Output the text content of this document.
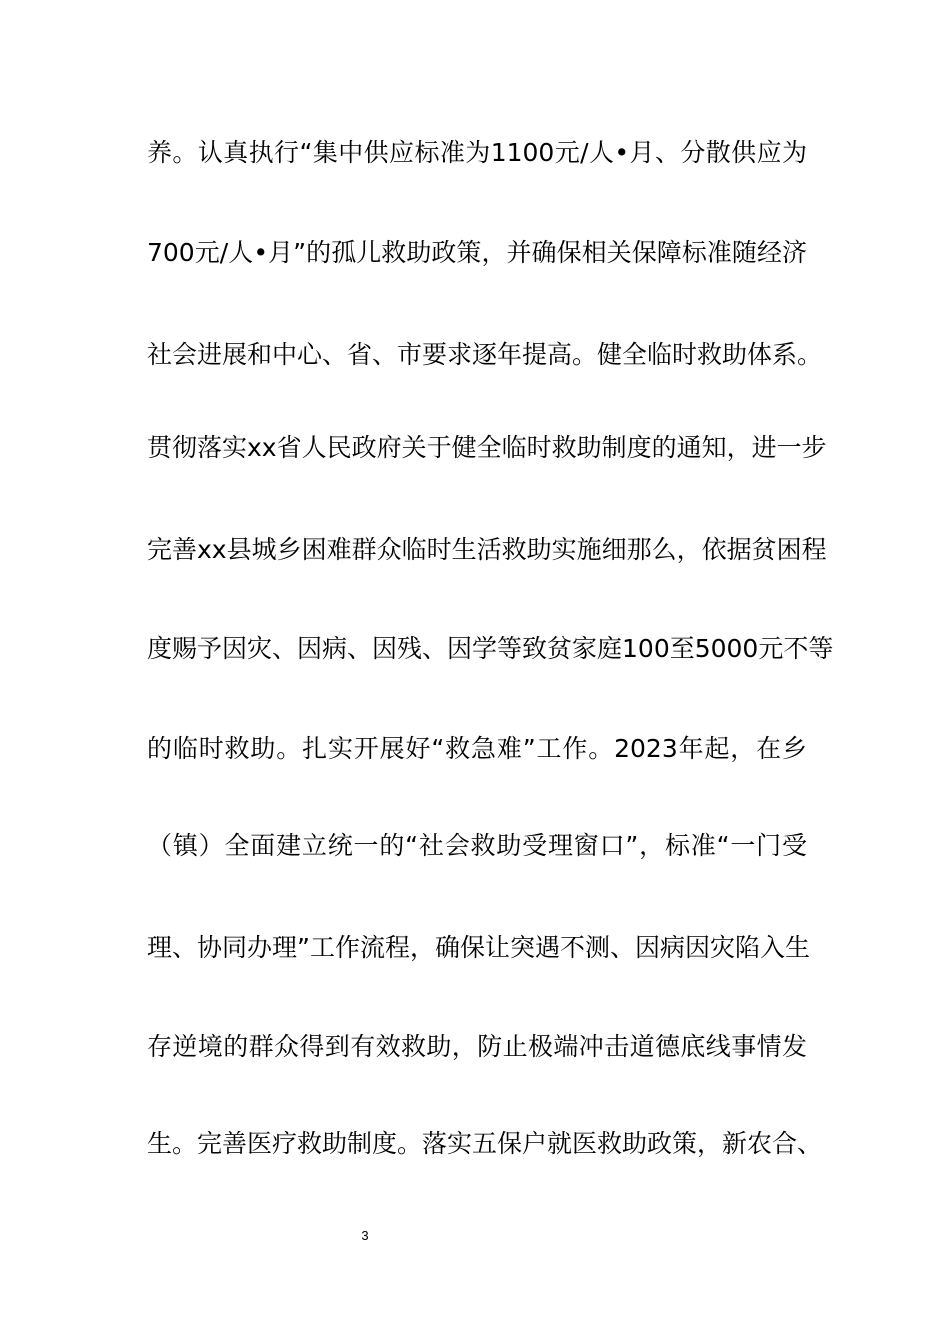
养。认真执行“集中供应标准为1100元/人•月、分散供应为
700元/人•月”的孤儿救助政策，并确保相关保障标准随经济
社会进展和中心、省、市要求逐年提高。健全临时救助体系。
贯彻落实xx省人民政府关于健全临时救助制度的通知，进一步
完善xx县城乡困难群众临时生活救助实施细那么，依据贫困程
度赐予因灾、因病、因残、因学等致贫家庭100至5000元不等
的临时救助。扎实开展好“救急难”工作。2023年起，在乡
（镇）全面建立统一的“社会救助受理窗口”，标准“一门受
理、协同办理”工作流程，确保让突遇不测、因病因灾陷入生
存逆境的群众得到有效救助，防止极端冲击道德底线事情发
生。完善医疗救助制度。落实五保户就医救助政策，新农合、
3
